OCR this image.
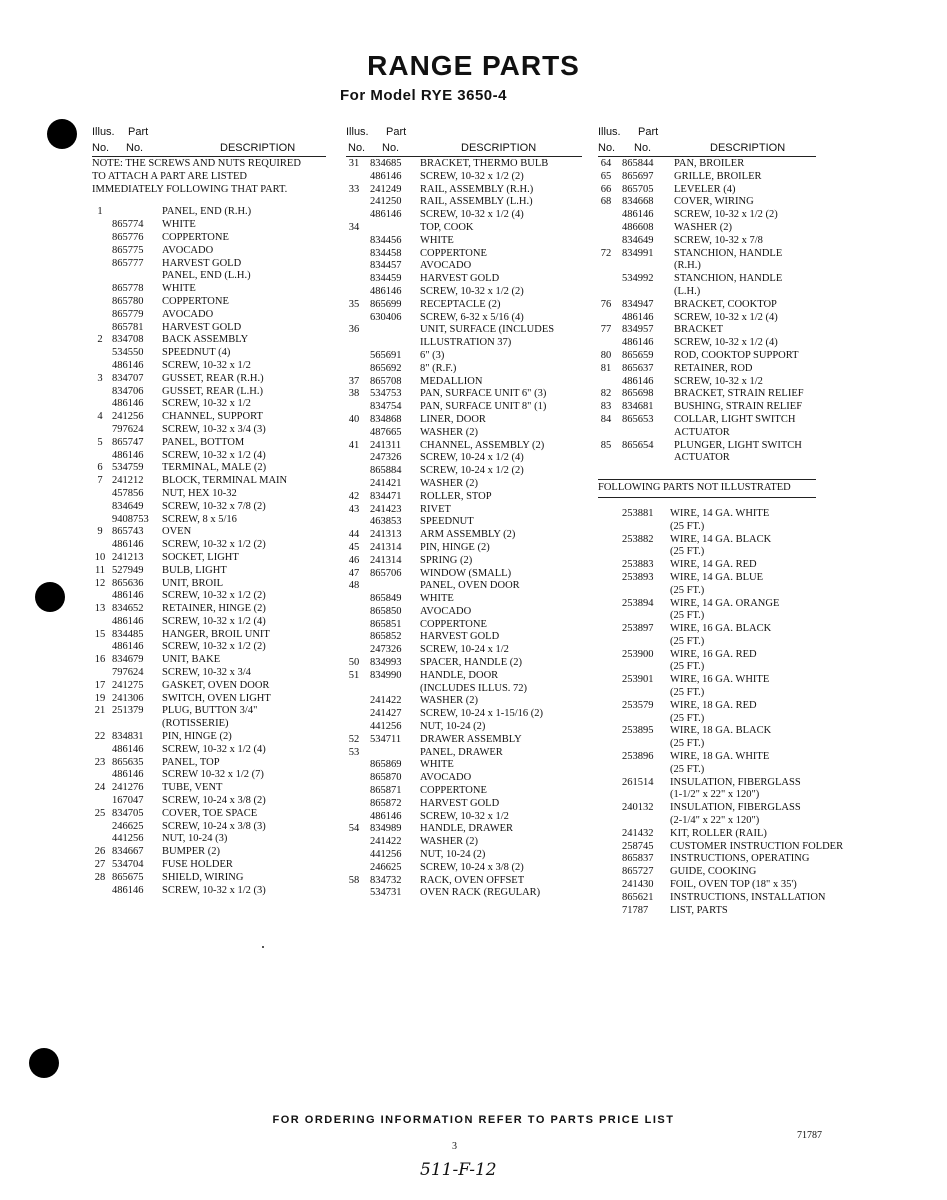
RANGE PARTS
For Model RYE 3650-4
Illus. Part
No. No.	DESCRIPTION
NOTE: THE SCREWS AND NUTS REQUIRED
TO ATTACH A PART ARE LISTED
IMMEDIATELY FOLLOWING THAT PART.
1	PANEL, END (R.H.)
865774 WHITE
865776 COPPERTONE
865775 AVOCADO
865777 HARVEST GOLD
PANEL, END (L.H.)
865778 WHITE
865780 COPPERTONE
865779 AVOCADO
865781 HARVEST GOLD
2 834708 BACK ASSEMBLY
534550 SPEEDNUT (4)
486146 SCREW, 10-32 x 1/2
3 834707 GUSSET, REAR (R.H.)
834706 GUSSET, REAR (L.H.)
486146 SCREW, 10-32 x 1/2
4 241256 CHANNEL, SUPPORT
797624 SCREW, 10-32 x 3/4 (3)
5 865747 PANEL, BOTTOM
486146 SCREW, 10-32 x 1/2 (4)
6 534759 TERMINAL, MALE (2)
7 241212 BLOCK, TERMINAL MAIN
457856 NUT, HEX 10-32
834649 SCREW, 10-32 x 7/8 (2)
9408753 SCREW, 8 x 5/16
9 865743 OVEN
486146 SCREW, 10-32 x 1/2 (2)
10 241213 SOCKET, LIGHT
11 527949 BULB, LIGHT
12 865636 UNIT, BROIL
486146 SCREW, 10-32 x 1/2 (2)
13 834652 RETAINER, HINGE (2)
486146 SCREW, 10-32 x 1/2 (4)
15 834485 HANGER, BROIL UNIT
486146 SCREW, 10-32 x 1/2 (2)
16 834679 UNIT, BAKE
797624 SCREW, 10-32 x 3/4
17 241275 GASKET, OVEN DOOR
19 241306 SWITCH, OVEN LIGHT
21 251379 PLUG, BUTTON 3/4"
(ROTISSERIE)
22 834831 PIN, HINGE (2)
486146 SCREW, 10-32 x 1/2 (4)
23 865635 PANEL, TOP
486146 SCREW 10-32 x 1/2 (7)
24 241276 TUBE, VENT
167047 SCREW, 10-24 x 3/8 (2)
25 834705 COVER, TOE SPACE
246625 SCREW, 10-24 x 3/8 (3)
441256 NUT, 10-24 (3)
26 834667 BUMPER (2)
27 534704 FUSE HOLDER
28 865675 SHIELD, WIRING
486146 SCREW, 10-32 x 1/2 (3)
Illus. Part
No. No.	DESCRIPTION
31 834685 BRACKET, THERMO BULB
486146 SCREW, 10-32 x 1/2 (2)
33 241249 RAIL, ASSEMBLY (R.H.)
241250 RAIL, ASSEMBLY (L.H.)
486146 SCREW, 10-32 x 1/2 (4)
34	TOP, COOK
834456 WHITE
834458 COPPERTONE
834457 AVOCADO
834459 HARVEST GOLD
486146 SCREW, 10-32 x 1/2 (2)
35 865699 RECEPTACLE (2)
630406 SCREW, 6-32 x 5/16 (4)
36	UNIT, SURFACE (INCLUDES
ILLUSTRATION 37)
565691 6" (3)
865692 8" (R.F.)
37 865708 MEDALLION
38 534753 PAN, SURFACE UNIT 6" (3)
834754 PAN, SURFACE UNIT 8" (1)
40 834868 LINER, DOOR
487665 WASHER (2)
41 241311 CHANNEL, ASSEMBLY (2)
247326 SCREW, 10-24 x 1/2 (4)
865884 SCREW, 10-24 x 1/2 (2)
241421 WASHER (2)
42 834471 ROLLER, STOP
43 241423 RIVET
463853 SPEEDNUT
44 241313 ARM ASSEMBLY (2)
45 241314 PIN, HINGE (2)
46 241314 SPRING (2)
47 865706 WINDOW (SMALL)
48	PANEL, OVEN DOOR
865849 WHITE
865850 AVOCADO
865851 COPPERTONE
865852 HARVEST GOLD
247326 SCREW, 10-24 x 1/2
50 834993 SPACER, HANDLE (2)
51 834990 HANDLE, DOOR
(INCLUDES ILLUS. 72)
241422 WASHER (2)
241427 SCREW, 10-24 x 1-15/16 (2)
441256 NUT, 10-24 (2)
52 534711 DRAWER ASSEMBLY
53	PANEL, DRAWER
865869 WHITE
865870 AVOCADO
865871 COPPERTONE
865872 HARVEST GOLD
486146 SCREW, 10-32 x 1/2
54 834989 HANDLE, DRAWER
241422 WASHER (2)
441256 NUT, 10-24 (2)
246625 SCREW, 10-24 x 3/8 (2)
58 834732 RACK, OVEN OFFSET
534731 OVEN RACK (REGULAR)
Illus. Part
No. No.	DESCRIPTION
64 865844 PAN, BROILER
65 865697 GRILLE, BROILER
66 865705 LEVELER (4)
68 834668 COVER, WIRING
486146 SCREW, 10-32 x 1/2 (2)
486608 WASHER (2)
834649 SCREW, 10-32 x 7/8
72 834991 STANCHION, HANDLE
(R.H.)
534992 STANCHION, HANDLE
(L.H.)
76 834947 BRACKET, COOKTOP
486146 SCREW, 10-32 x 1/2 (4)
77 834957 BRACKET
486146 SCREW, 10-32 x 1/2 (4)
80 865659 ROD, COOKTOP SUPPORT
81 865637 RETAINER, ROD
486146 SCREW, 10-32 x 1/2
82 865698 BRACKET, STRAIN RELIEF
83 834681 BUSHING, STRAIN RELIEF
84 865653 COLLAR, LIGHT SWITCH
ACTUATOR
85 865654 PLUNGER, LIGHT SWITCH
ACTUATOR
FOLLOWING PARTS NOT ILLUSTRATED
253881 WIRE, 14 GA. WHITE
(25 FT.)
253882 WIRE, 14 GA. BLACK
(25 FT.)
253883 WIRE, 14 GA. RED
253893 WIRE, 14 GA. BLUE
(25 FT.)
253894 WIRE, 14 GA. ORANGE
(25 FT.)
253897 WIRE, 16 GA. BLACK
(25 FT.)
253900 WIRE, 16 GA. RED
(25 FT.)
253901 WIRE, 16 GA. WHITE
(25 FT.)
253579 WIRE, 18 GA. RED
(25 FT.)
253895 WIRE, 18 GA. BLACK
(25 FT.)
253896 WIRE, 18 GA. WHITE
(25 FT.)
261514 INSULATION, FIBERGLASS
(1-1/2" x 22" x 120")
240132 INSULATION, FIBERGLASS
(2-1/4" x 22" x 120")
241432 KIT, ROLLER (RAIL)
258745 CUSTOMER INSTRUCTION FOLDER
865837 INSTRUCTIONS, OPERATING
865727 GUIDE, COOKING
241430 FOIL, OVEN TOP (18" x 35')
865621 INSTRUCTIONS, INSTALLATION
71787 LIST, PARTS
FOR ORDERING INFORMATION REFER TO PARTS PRICE LIST
3
71787
511-F-12
